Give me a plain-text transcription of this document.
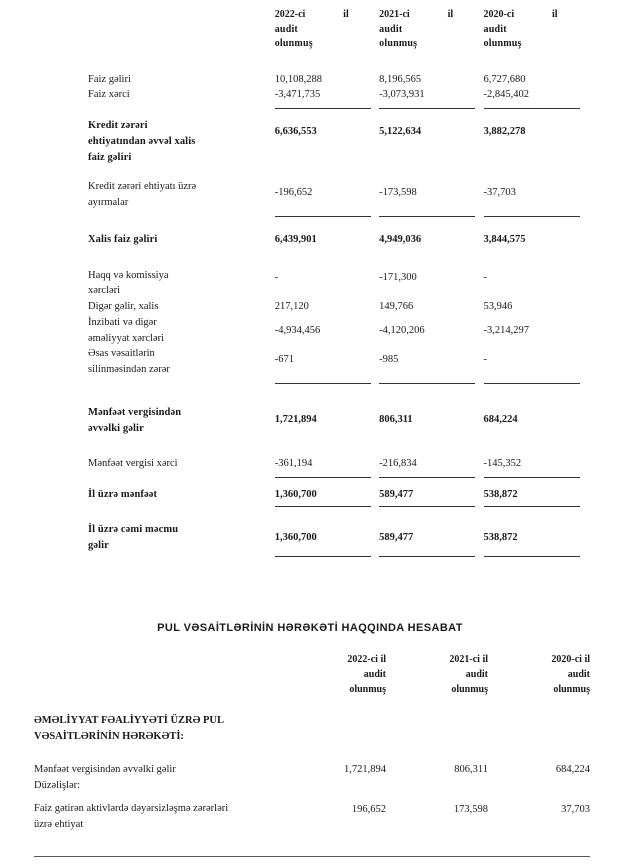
	2022-ci il
audit
olunmuş	2021-ci il
audit
olunmuş	2020-ci il
audit
olunmuş

Faiz gəliri	10,108,288	8,196,565	6,727,680
Faiz xərci	-3,471,735	-3,073,931	-2,845,402

Kredit zərəri
ehtiyatından əvvəl xalis
faiz gəliri	6,636,553	5,122,634	3,882,278
Kredit zərəri ehtiyatı üzrə
ayırmalar	-196,652	-173,598	-37,703

Xalis faiz gəliri	6,439,901	4,949,036	3,844,575

Haqq və komissiya
xərcləri	-	-171,300	-
Digər gəlir, xalis	217,120	149,766	53,946

İnzibati və digər
əməliyyat xərcləri	-4,934,456	-4,120,206	-3,214,297

Əsas vəsaitlərin
silinməsindən zərər	-671	-985	-

Mənfəət vergisindən
əvvəlki gəlir	1,721,894	806,311	684,224
Mənfəət vergisi xərci	-361,194	-216,834	-145,352

İl üzrə mənfəət	1,360,700	589,477	538,872

İl üzrə cəmi məcmu
gəlir	1,360,700	589,477	538,872

PUL VƏSAİTLƏRİNİN HƏRƏKƏTİ HAQQINDA HESABAT
	2022-ci il
audit
olunmuş	2021-ci il
audit
olunmuş	2020-ci il
audit
olunmuş
ƏMƏLİYYAT FƏALİYYƏTİ ÜZRƏ PUL
VƏSAİTLƏRİNİN HƏRƏKƏTİ:			
Mənfəət vergisindən əvvəlki gəlir	1,721,894	806,311	684,224
Düzəlişlər:			
Faiz gətirən aktivlərdə dəyərsizləşmə zərərləri
üzrə ehtiyat	196,652	173,598	37,703
